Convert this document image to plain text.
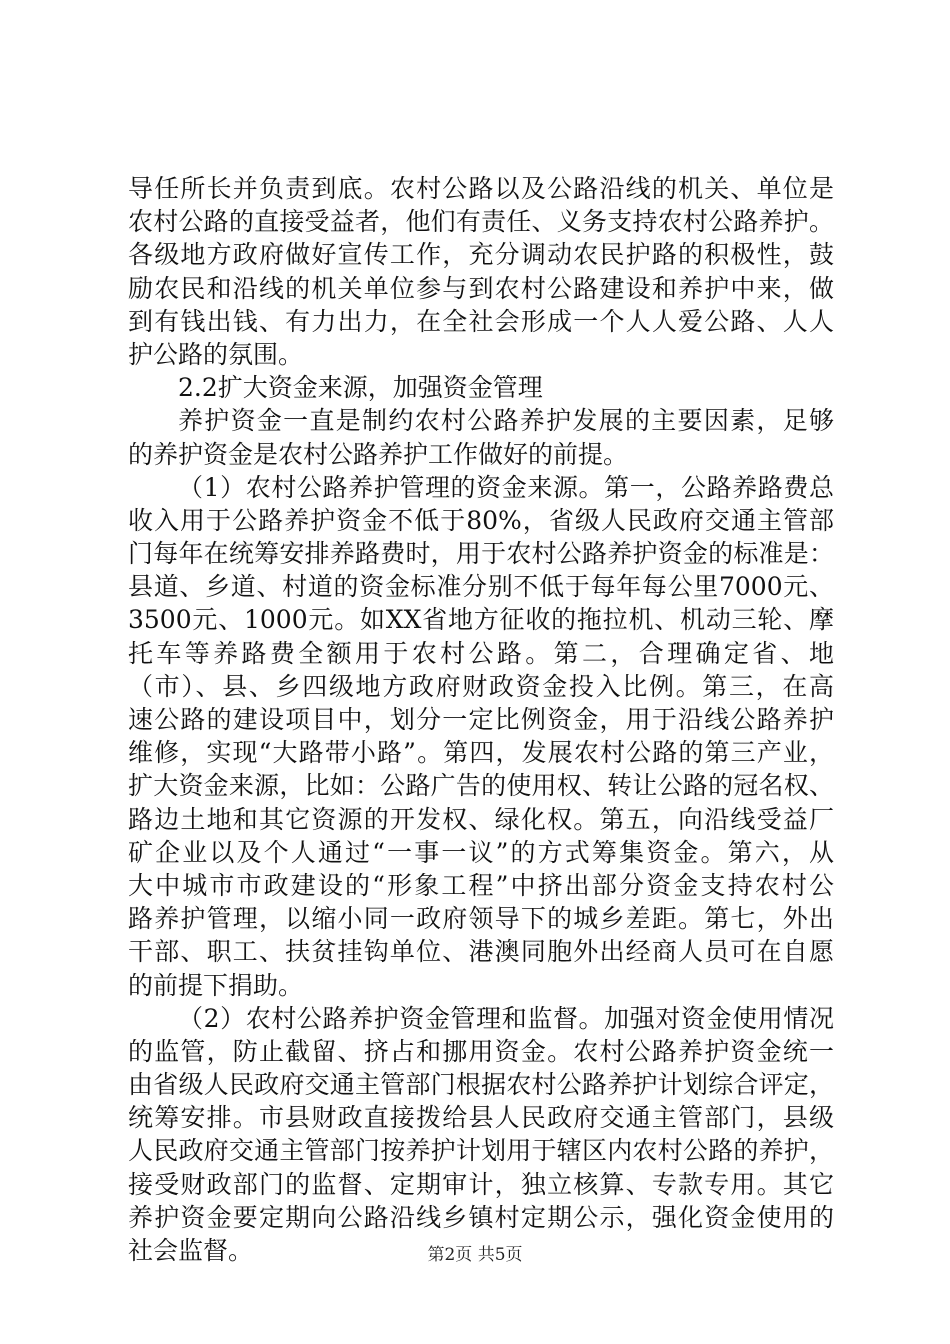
导任所长并负责到底。农村公路以及公路沿线的机关、单位是
农村公路的直接受益者，他们有责任、义务支持农村公路养护。
各级地方政府做好宣传工作，充分调动农民护路的积极性，鼓
励农民和沿线的机关单位参与到农村公路建设和养护中来，做
到有钱出钱、有力出力，在全社会形成一个人人爱公路、人人
护公路的氛围。
2.2扩大资金来源，加强资金管理
养护资金一直是制约农村公路养护发展的主要因素，足够
的养护资金是农村公路养护工作做好的前提。
（1）农村公路养护管理的资金来源。第一，公路养路费总
收入用于公路养护资金不低于80%，省级人民政府交通主管部
门每年在统筹安排养路费时，用于农村公路养护资金的标准是：
县道、乡道、村道的资金标准分别不低于每年每公里7000元、
3500元、1000元。如XX省地方征收的拖拉机、机动三轮、摩
托车等养路费全额用于农村公路。第二，合理确定省、地
（市）、县、乡四级地方政府财政资金投入比例。第三，在高
速公路的建设项目中，划分一定比例资金，用于沿线公路养护
维修，实现“大路带小路”。第四，发展农村公路的第三产业，
扩大资金来源，比如：公路广告的使用权、转让公路的冠名权、
路边土地和其它资源的开发权、绿化权。第五，向沿线受益厂
矿企业以及个人通过“一事一议”的方式筹集资金。第六，从
大中城市市政建设的“形象工程”中挤出部分资金支持农村公
路养护管理，以缩小同一政府领导下的城乡差距。第七，外出
干部、职工、扶贫挂钩单位、港澳同胞外出经商人员可在自愿
的前提下捐助。
（2）农村公路养护资金管理和监督。加强对资金使用情况
的监管，防止截留、挤占和挪用资金。农村公路养护资金统一
由省级人民政府交通主管部门根据农村公路养护计划综合评定，
统筹安排。市县财政直接拨给县人民政府交通主管部门，县级
人民政府交通主管部门按养护计划用于辖区内农村公路的养护，
接受财政部门的监督、定期审计，独立核算、专款专用。其它
养护资金要定期向公路沿线乡镇村定期公示，强化资金使用的
社会监督。	第2页 共5页
